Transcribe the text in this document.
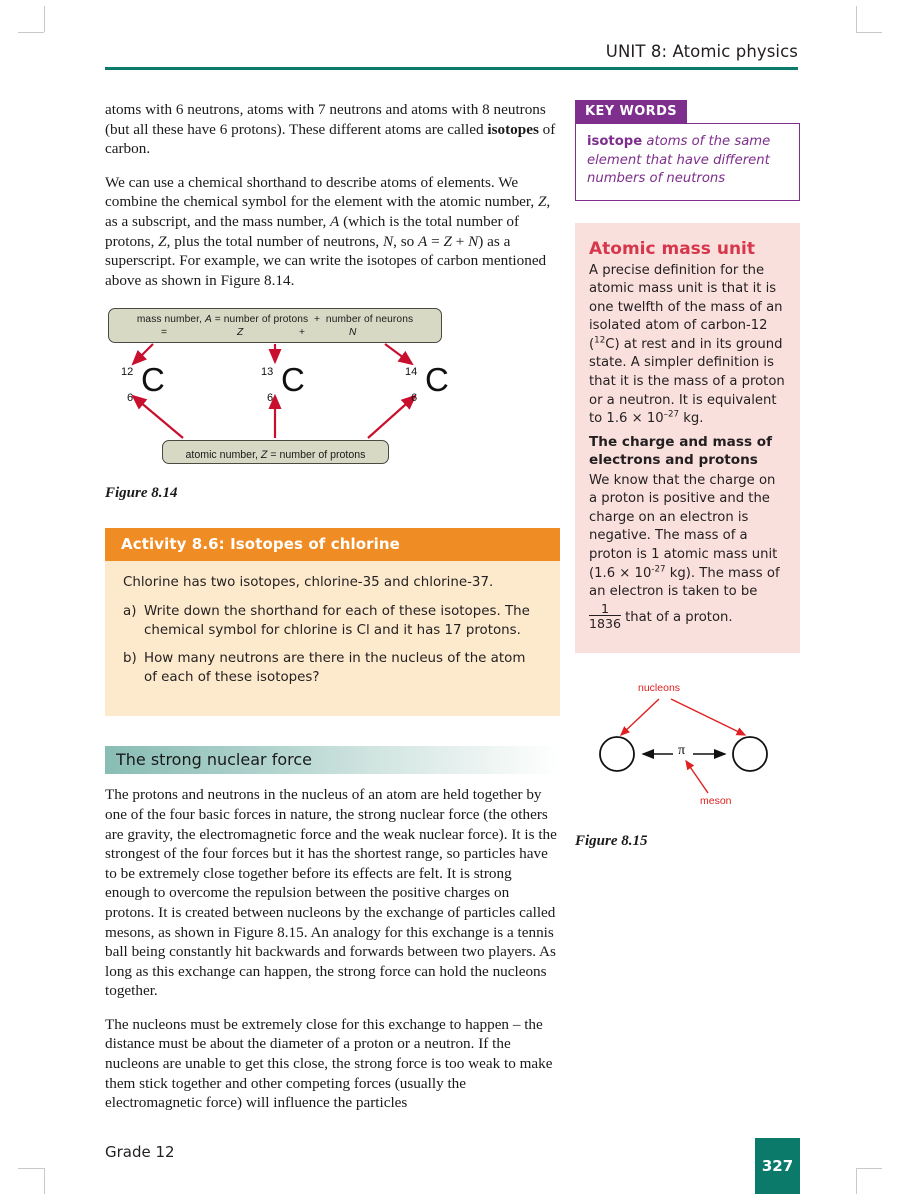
UNIT 8: Atomic physics

atoms with 6 neutrons, atoms with 7 neutrons and atoms with 8 neutrons (but all these have 6 protons). These different atoms are called isotopes of carbon.

We can use a chemical shorthand to describe atoms of elements. We combine the chemical symbol for the element with the atomic number, Z, as a subscript, and the mass number, A (which is the total number of protons, Z, plus the total number of neutrons, N, so A = Z + N) as a superscript. For example, we can write the isotopes of carbon mentioned above as shown in Figure 8.14.

mass number, A = number of protons  +  number of neurons
=	Z	+	N
12
6 C	13
6 C	14
6 C
atomic number, Z = number of protons
Figure 8.14
Activity 8.6: Isotopes of chlorine
Chlorine has two isotopes, chlorine-35 and chlorine-37.
a) Write down the shorthand for each of these isotopes. The chemical symbol for chlorine is Cl and it has 17 protons.
b) How many neutrons are there in the nucleus of the atom of each of these isotopes?
The strong nuclear force

The protons and neutrons in the nucleus of an atom are held together by one of the four basic forces in nature, the strong nuclear force (the others are gravity, the electromagnetic force and the weak nuclear force). It is the strongest of the four forces but it has the shortest range, so particles have to be extremely close together before its effects are felt. It is strong enough to overcome the repulsion between the positive charges on protons. It is created between nucleons by the exchange of particles called mesons, as shown in Figure 8.15. An analogy for this exchange is a tennis ball being constantly hit backwards and forwards between two players. As long as this exchange can happen, the strong force can hold the nucleons together.

The nucleons must be extremely close for this exchange to happen – the distance must be about the diameter of a proton or a neutron. If the nucleons are unable to get this close, the strong force is too weak to make them stick together and other competing forces (usually the electromagnetic force) will influence the particles

KEY WORDS
isotope atoms of the same element that have different numbers of neutrons
Atomic mass unit

A precise definition for the atomic mass unit is that it is one twelfth of the mass of an isolated atom of carbon-12 ($^{12}$C) at rest and in its ground state. A simpler definition is that it is the mass of a proton or a neutron. It is equivalent to $1.6 \times 10^{-27}$ kg.

The charge and mass of electrons and protons

We know that the charge on a proton is positive and the charge on an electron is negative. The mass of a proton is 1 atomic mass unit ($1.6 \times 10^{-27}$ kg). The mass of an electron is taken to be
$\frac{1}{1836}$ that of a proton.

nucleons
meson
π
Figure 8.15
Grade 12
327
